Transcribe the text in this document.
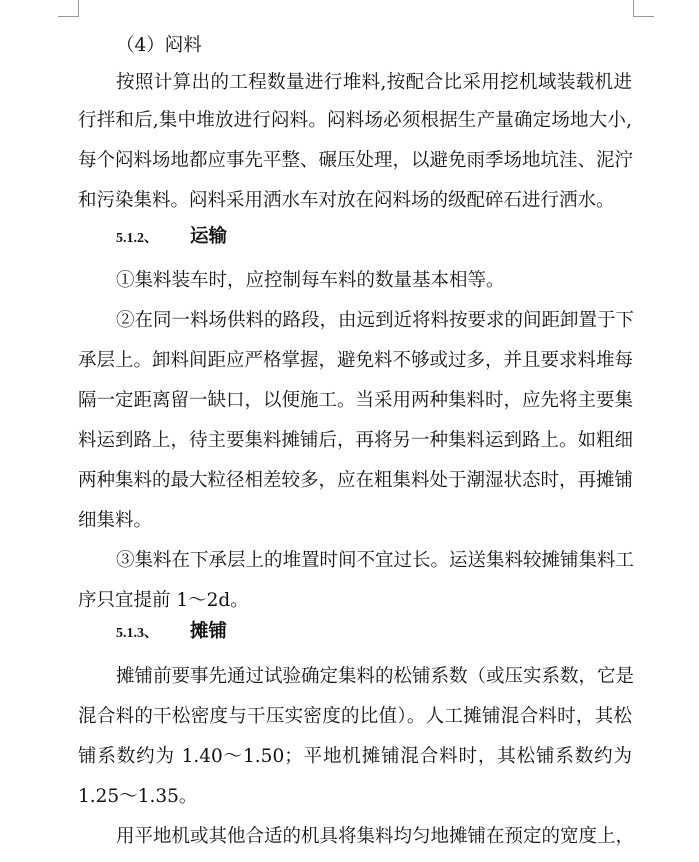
（4）闷料
按照计算出的工程数量进行堆料,按配合比采用挖机域装载机进
行拌和后,集中堆放进行闷料。闷料场必须根据生产量确定场地大小,
每个闷料场地都应事先平整、碾压处理，以避免雨季场地坑洼、泥泞
和污染集料。闷料采用洒水车对放在闷料场的级配碎石进行洒水。
5.1.2、 运输
①集料装车时，应控制每车料的数量基本相等。
②在同一料场供料的路段，由远到近将料按要求的间距卸置于下
承层上。卸料间距应严格掌握，避免料不够或过多，并且要求料堆每
隔一定距离留一缺口，以便施工。当采用两种集料时，应先将主要集
料运到路上，待主要集料摊铺后，再将另一种集料运到路上。如粗细
两种集料的最大粒径相差较多，应在粗集料处于潮湿状态时，再摊铺
细集料。
③集料在下承层上的堆置时间不宜过长。运送集料较摊铺集料工
序只宜提前 1～2d。
5.1.3、 摊铺
摊铺前要事先通过试验确定集料的松铺系数（或压实系数，它是
混合料的干松密度与干压实密度的比值）。人工摊铺混合料时，其松
铺系数约为 1.40～1.50；平地机摊铺混合料时，其松铺系数约为
1.25～1.35。
用平地机或其他合适的机具将集料均匀地摊铺在预定的宽度上，
